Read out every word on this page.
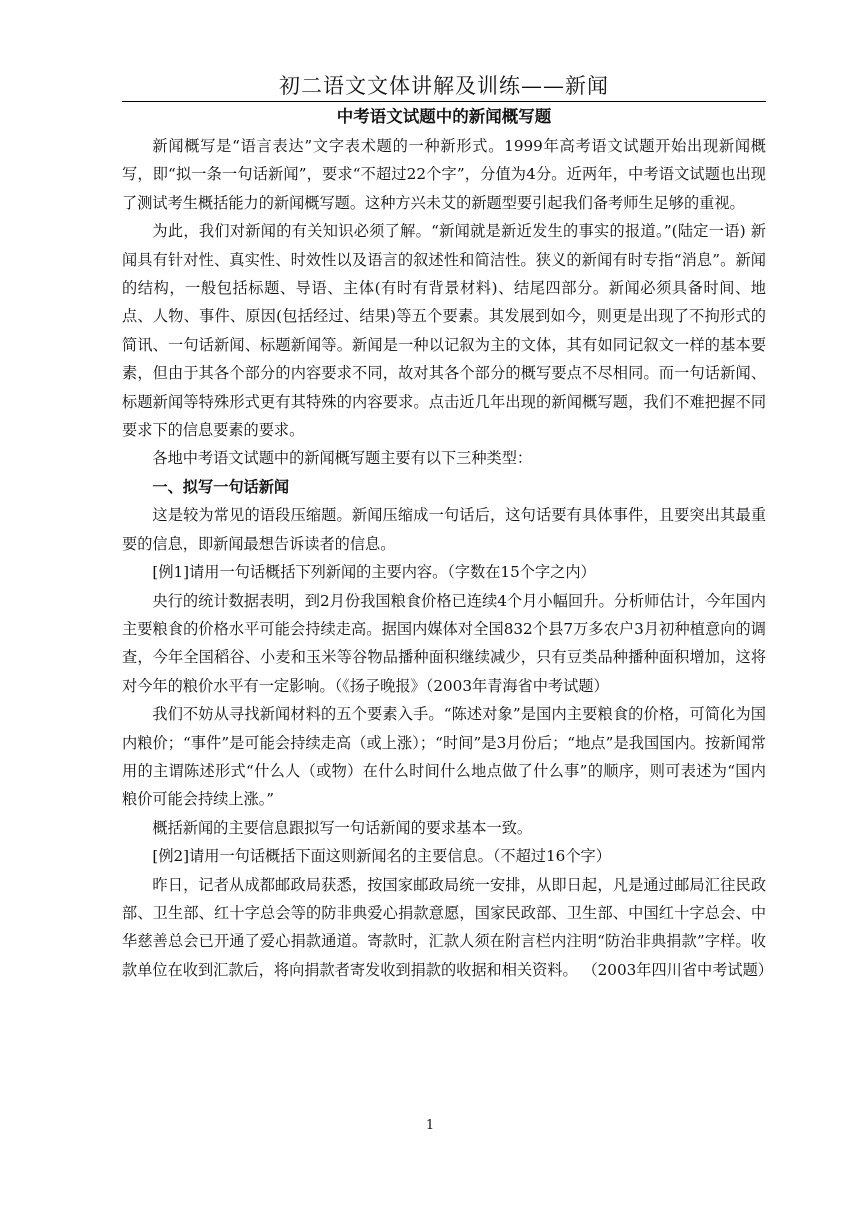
初二语文文体讲解及训练——新闻
中考语文试题中的新闻概写题

新闻概写是“语言表达”文字表术题的一种新形式。1999年高考语文试题开始出现新闻概写，即“拟一条一句话新闻”，要求“不超过22个字”，分值为4分。近两年，中考语文试题也出现了测试考生概括能力的新闻概写题。这种方兴未艾的新题型要引起我们备考师生足够的重视。

为此，我们对新闻的有关知识必须了解。“新闻就是新近发生的事实的报道。”(陆定一语) 新闻具有针对性、真实性、时效性以及语言的叙述性和简洁性。狭义的新闻有时专指“消息”。新闻的结构，一般包括标题、导语、主体(有时有背景材料)、结尾四部分。新闻必须具备时间、地点、人物、事件、原因(包括经过、结果)等五个要素。其发展到如今，则更是出现了不拘形式的简讯、一句话新闻、标题新闻等。新闻是一种以记叙为主的文体，其有如同记叙文一样的基本要素，但由于其各个部分的内容要求不同，故对其各个部分的概写要点不尽相同。而一句话新闻、标题新闻等特殊形式更有其特殊的内容要求。点击近几年出现的新闻概写题，我们不难把握不同要求下的信息要素的要求。

各地中考语文试题中的新闻概写题主要有以下三种类型：

一、拟写一句话新闻

这是较为常见的语段压缩题。新闻压缩成一句话后，这句话要有具体事件，且要突出其最重要的信息，即新闻最想告诉读者的信息。

[例1]请用一句话概括下列新闻的主要内容。（字数在15个字之内）

央行的统计数据表明，到2月份我国粮食价格已连续4个月小幅回升。分析师估计，今年国内主要粮食的价格水平可能会持续走高。据国内媒体对全国832个县7万多农户3月初种植意向的调查，今年全国稻谷、小麦和玉米等谷物品播种面积继续减少，只有豆类品种播种面积增加，这将对今年的粮价水平有一定影响。（《扬子晚报》（2003年青海省中考试题）

我们不妨从寻找新闻材料的五个要素入手。“陈述对象”是国内主要粮食的价格，可简化为国内粮价；“事件”是可能会持续走高（或上涨）；“时间”是3月份后；“地点”是我国国内。按新闻常用的主谓陈述形式“什么人（或物）在什么时间什么地点做了什么事”的顺序，则可表述为“国内粮价可能会持续上涨。”

概括新闻的主要信息跟拟写一句话新闻的要求基本一致。

[例2]请用一句话概括下面这则新闻名的主要信息。（不超过16个字）

昨日，记者从成都邮政局获悉，按国家邮政局统一安排，从即日起，凡是通过邮局汇往民政部、卫生部、红十字总会等的防非典爱心捐款意愿，国家民政部、卫生部、中国红十字总会、中华慈善总会已开通了爱心捐款通道。寄款时，汇款人须在附言栏内注明“防治非典捐款”字样。收款单位在收到汇款后，将向捐款者寄发收到捐款的收据和相关资料。 （2003年四川省中考试题）

1
